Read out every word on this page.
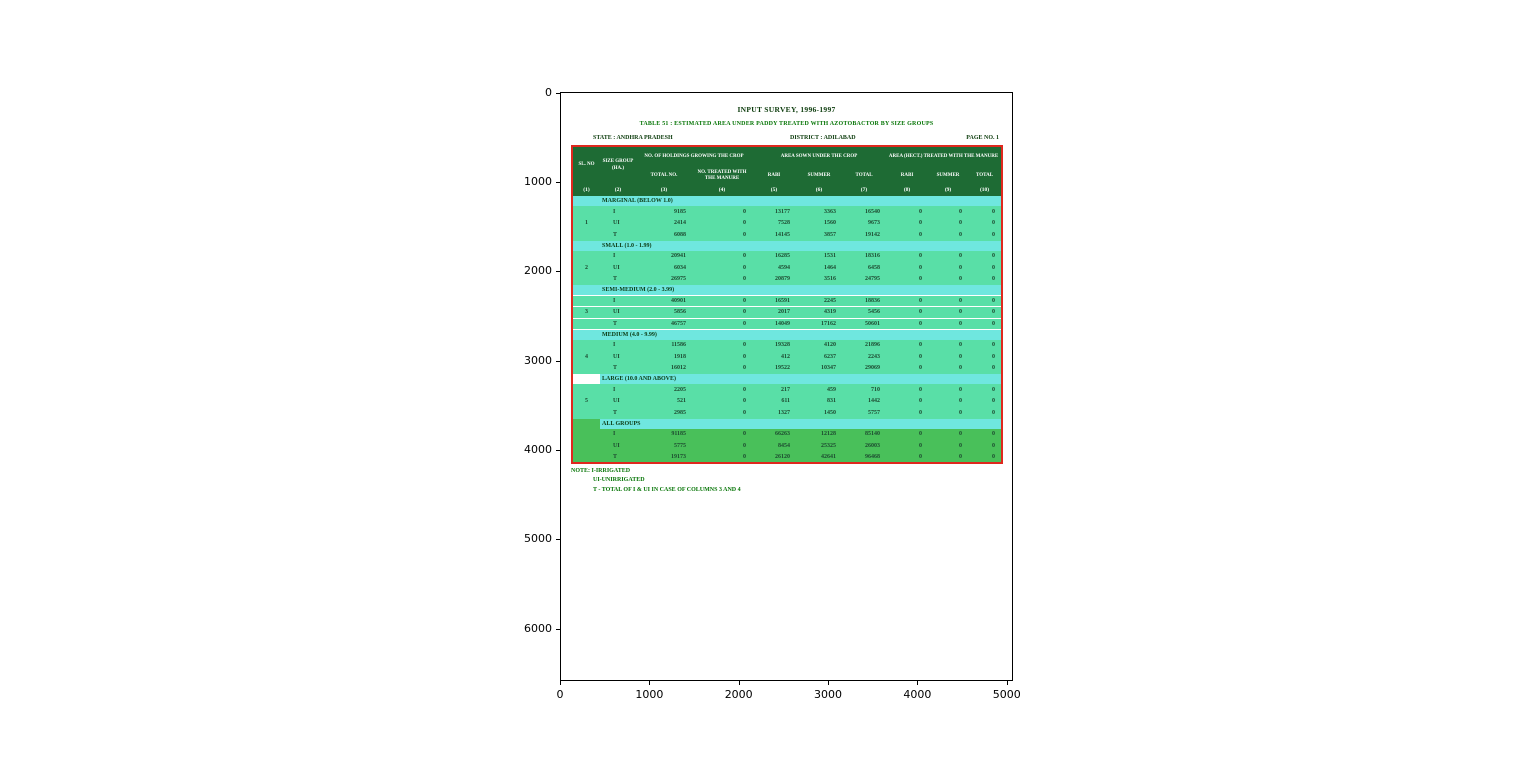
0
1000
2000
3000
4000
5000
6000
0	1000	2000	3000	4000	5000
INPUT SURVEY, 1996-1997
TABLE 51 : ESTIMATED AREA UNDER PADDY TREATED WITH AZOTOBACTOR BY SIZE GROUPS
STATE : ANDHRA PRADESH	DISTRICT : ADILABAD	PAGE NO. 1
SL. NO	SIZE GROUP (HA.)	NO. OF HOLDINGS GROWING THE CROP		AREA SOWN UNDER THE CROP			AREA (HECT.) TREATED WITH THE MANURE		
		TOTAL NO.	NO. TREATED WITH THE MANURE	RABI	SUMMER	TOTAL	RABI	SUMMER	TOTAL
(1)	(2)	(3)	(4)	(5)	(6)	(7)	(8)	(9)	(10)
	MARGINAL (BELOW 1.0)								
	I	9185	0	13177	3363	16540	0	0	0
1	UI	2414	0	7528	1560	9673	0	0	0
	T	6088	0	14145	3857	19142	0	0	0
	SMALL (1.0 - 1.99)								
	I	20941	0	16285	1531	18316	0	0	0
2	UI	6034	0	4594	1464	6458	0	0	0
	T	26975	0	20879	3516	24795	0	0	0
	SEMI-MEDIUM (2.0 - 3.99)								
	I	40901	0	16591	2245	18836	0	0	0
3	UI	5856	0	2017	4319	5456	0	0	0
	T	46757	0	14049	17162	50601	0	0	0
	MEDIUM (4.0 - 9.99)								
	I	11586	0	19328	4120	21896	0	0	0
4	UI	1918	0	412	6237	2243	0	0	0
	T	16012	0	19522	10347	29069	0	0	0
	LARGE (10.0 AND ABOVE)								
	I	2205	0	217	459	710	0	0	0
5	UI	521	0	611	831	1442	0	0	0
	T	2985	0	1327	1450	5757	0	0	0
	ALL GROUPS								
	I	91185	0	66263	12128	85140	0	0	0
	UI	5775	0	8454	25325	26003	0	0	0
	T	19173	0	26120	42641	96468	0	0	0
NOTE: I-IRRIGATED
UI-UNIRRIGATED
T - TOTAL OF I & UI IN CASE OF COLUMNS 3 AND 4
